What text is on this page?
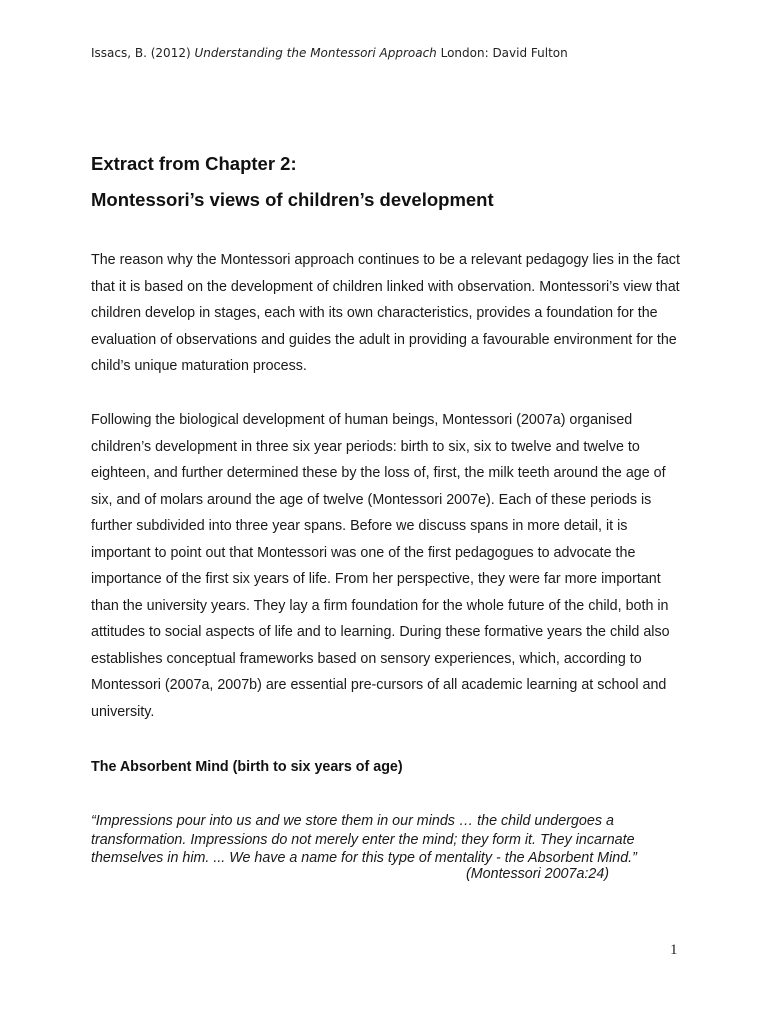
Issacs, B. (2012) Understanding the Montessori Approach London: David Fulton
Extract from Chapter 2:
Montessori’s views of children’s development
The reason why the Montessori approach continues to be a relevant pedagogy lies in the fact that it is based on the development of children linked with observation. Montessori’s view that children develop in stages, each with its own characteristics, provides a foundation for the evaluation of observations and guides the adult in providing a favourable environment for the child’s unique maturation process.
Following the biological development of human beings, Montessori (2007a) organised children’s development in three six year periods: birth to six, six to twelve and twelve to eighteen, and further determined these by the loss of, first, the milk teeth around the age of six, and of molars around the age of twelve (Montessori 2007e). Each of these periods is further subdivided into three year spans. Before we discuss spans in more detail, it is important to point out that Montessori was one of the first pedagogues to advocate the importance of the first six years of life. From her perspective, they were far more important than the university years. They lay a firm foundation for the whole future of the child, both in attitudes to social aspects of life and to learning. During these formative years the child also establishes conceptual frameworks based on sensory experiences, which, according to Montessori (2007a, 2007b) are essential pre-cursors of all academic learning at school and university.
The Absorbent Mind (birth to six years of age)
“Impressions pour into us and we store them in our minds … the child undergoes a transformation. Impressions do not merely enter the mind; they form it. They incarnate themselves in him. ... We have a name for this type of mentality - the Absorbent Mind.”
(Montessori 2007a:24)
1
